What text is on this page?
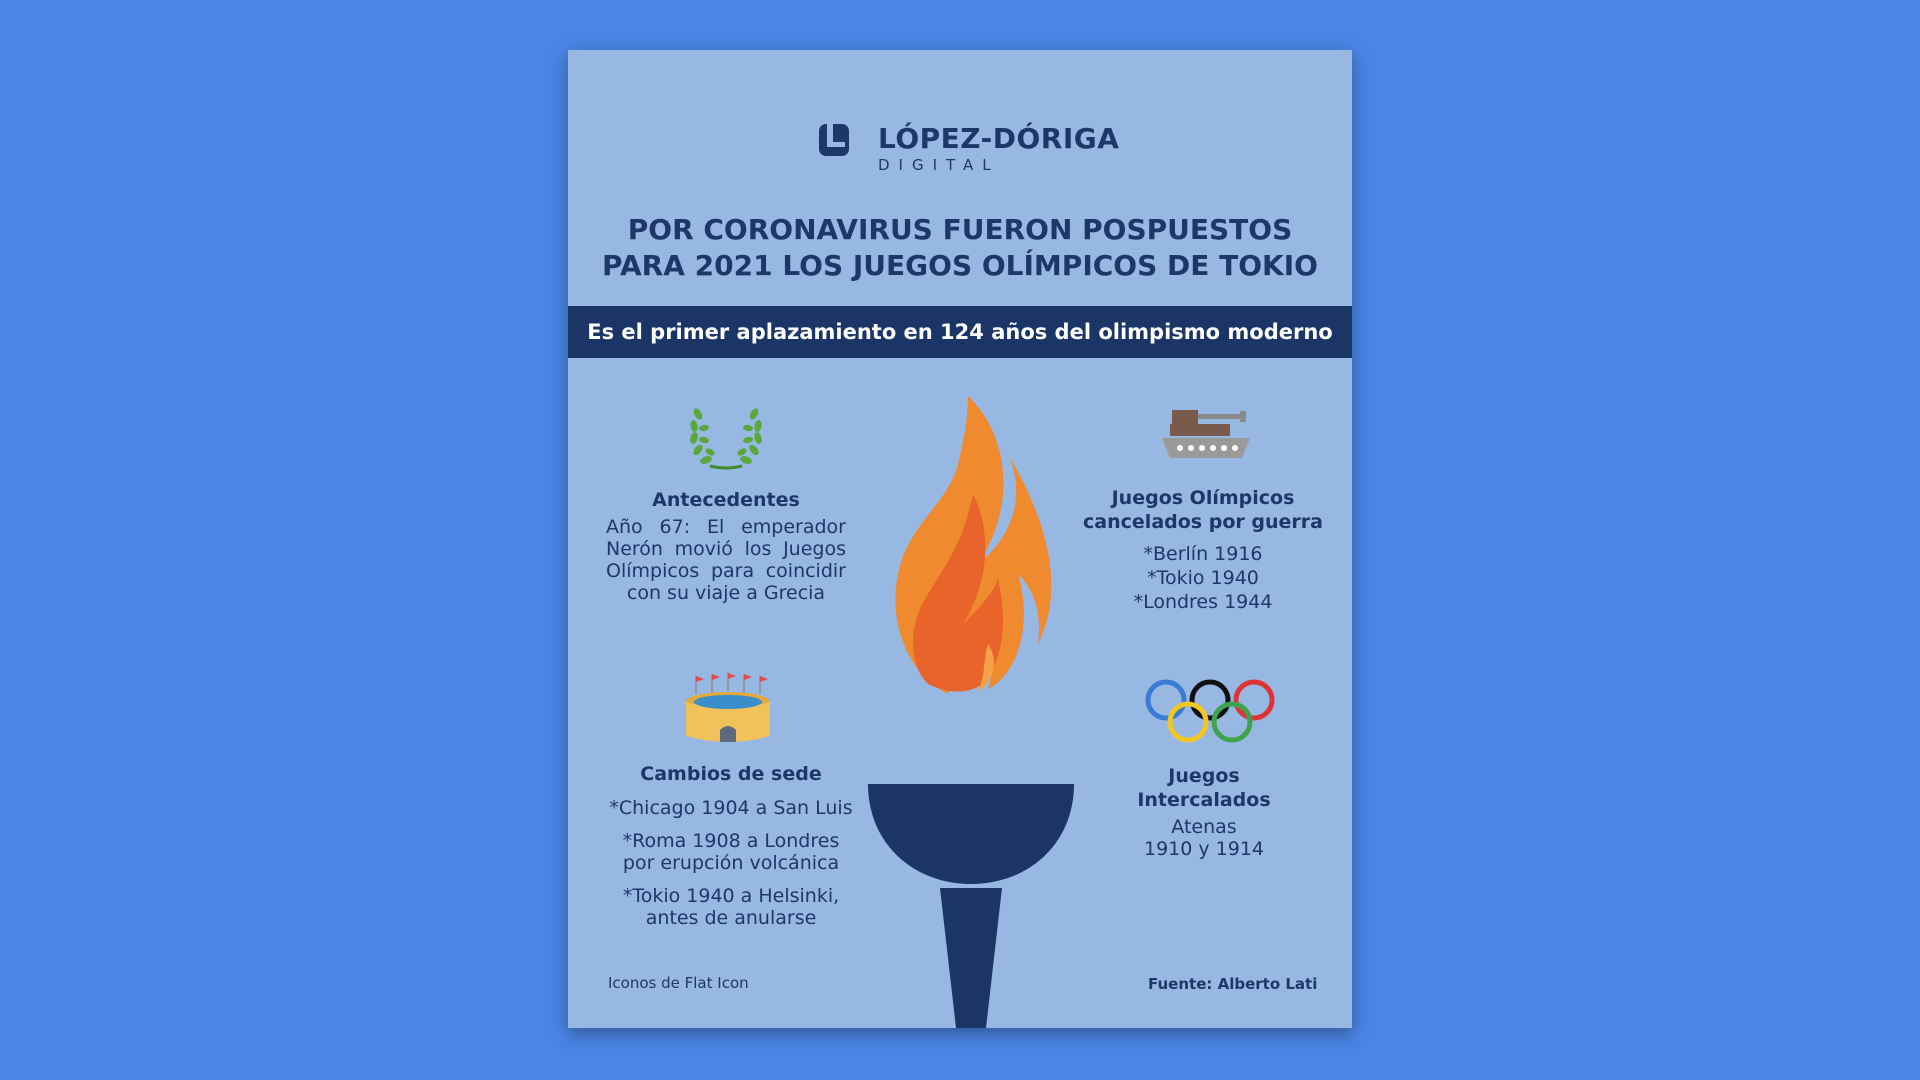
LÓPEZ-DÓRIGA
DIGITAL
POR CORONAVIRUS FUERON POSPUESTOS
PARA 2021 LOS JUEGOS OLÍMPICOS DE TOKIO
Es el primer aplazamiento en 124 años del olimpismo moderno
Antecedentes

Año 67: El emperador Nerón movió los Juegos Olímpicos para coincidir con su viaje a Grecia

Juegos Olímpicos
cancelados por guerra

*Berlín 1916

*Tokio 1940

*Londres 1944

Cambios de sede

*Chicago 1904 a San Luis

*Roma 1908 a Londres
por erupción volcánica

*Tokio 1940 a Helsinki,
antes de anularse

Juegos
Intercalados

Atenas

1910 y 1914

Iconos de Flat Icon	Fuente: Alberto Lati
